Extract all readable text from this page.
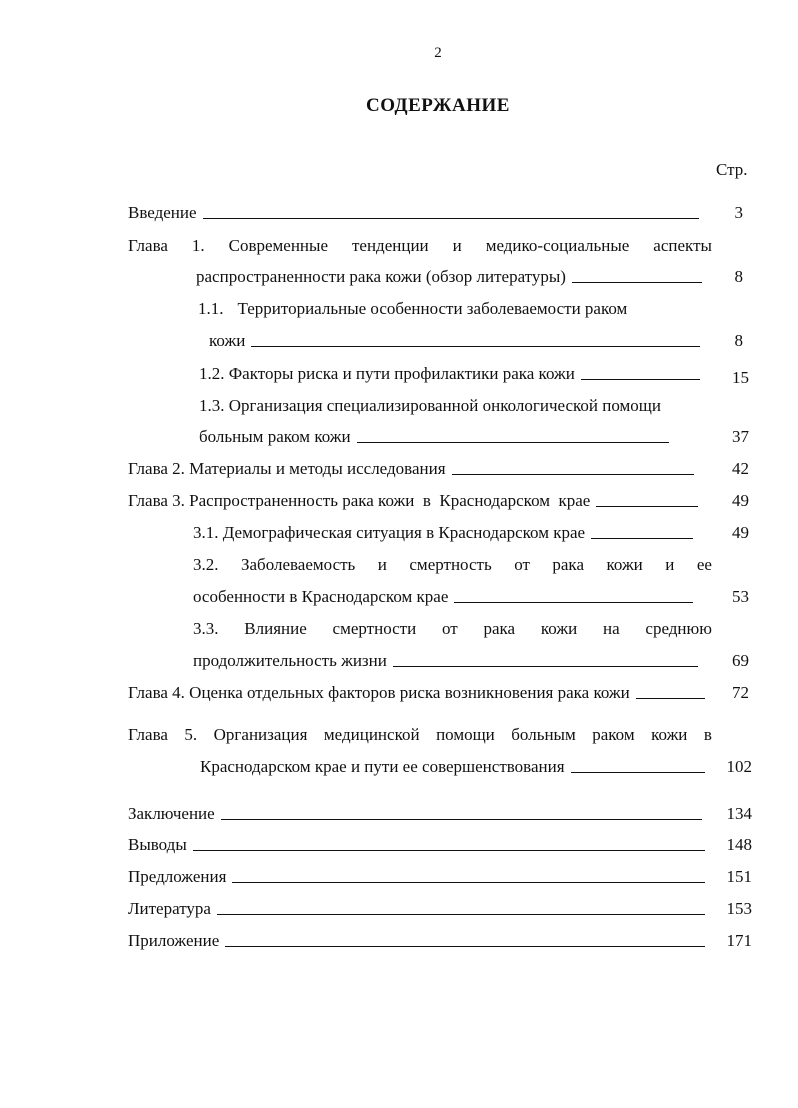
2
СОДЕРЖАНИЕ
Стр.
Введение	3
Глава 1. Современные тенденции и медико-социальные аспекты
распространенности рака кожи (обзор литературы)	8
1.1. Территориальные особенности заболеваемости раком
кожи	8
1.2. Факторы риска и пути профилактики рака кожи	15
1.3. Организация специализированной онкологической помощи
больным раком кожи	37
Глава 2. Материалы и методы исследования	42
Глава 3. Распространенность рака кожи  в  Краснодарском  крае	49
3.1. Демографическая ситуация в Краснодарском крае	49
3.2. Заболеваемость и смертность от рака кожи и ее
особенности в Краснодарском крае	53
3.3. Влияние смертности от рака кожи на среднюю
продолжительность жизни	69
Глава 4. Оценка отдельных факторов риска возникновения рака кожи	72
Глава 5. Организация медицинской помощи больным раком кожи в
Краснодарском крае и пути ее совершенствования	102
Заключение	134
Выводы	148
Предложения	151
Литература	153
Приложение	171
